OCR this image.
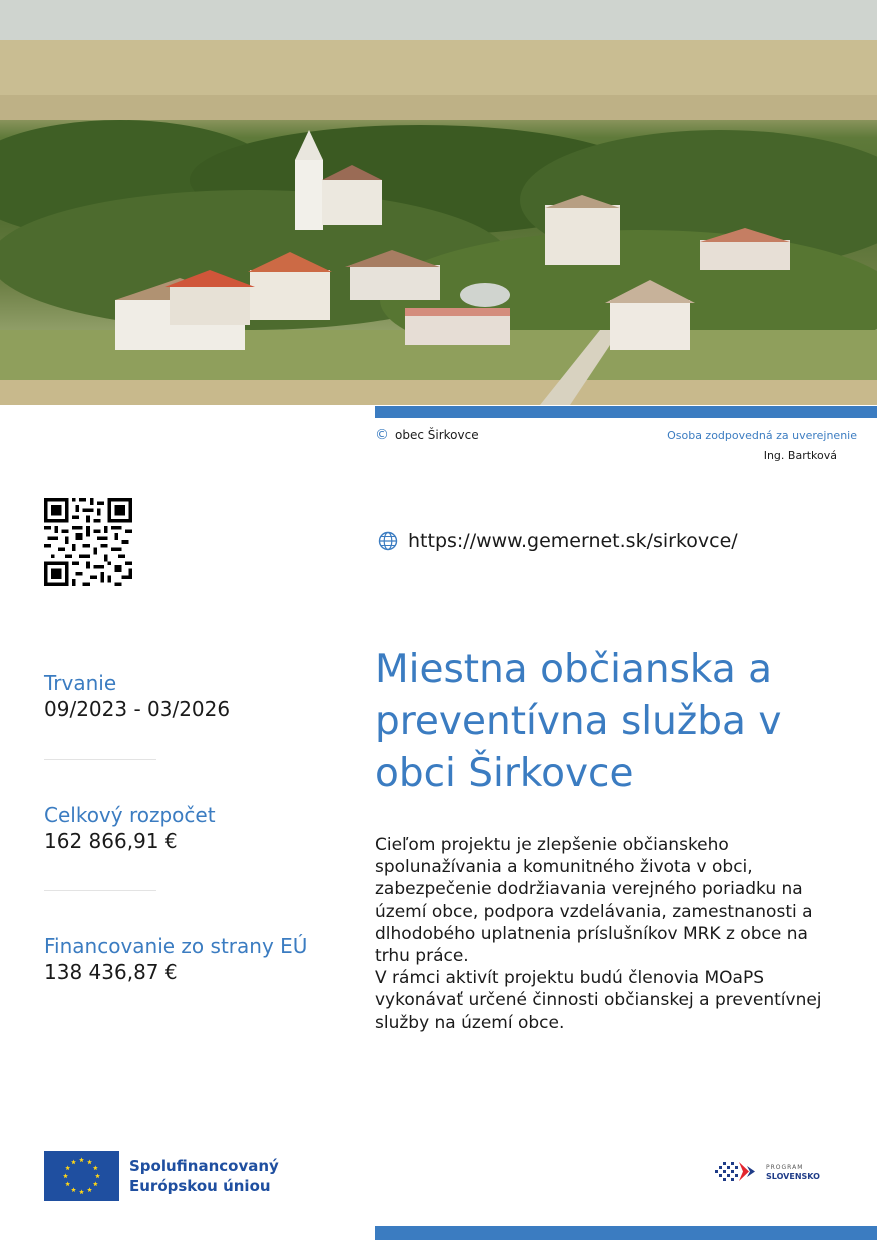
© obec Širkovce	Osoba zodpovedná za uverejnenie
Ing. Bartková
https://www.gemernet.sk/sirkovce/
Trvanie
09/2023 - 03/2026
Celkový rozpočet
162 866,91 €
Financovanie zo strany EÚ
138 436,87 €
Miestna občianska a preventívna služba v obci Širkovce
Cieľom projektu je zlepšenie občianskeho spolunažívania a komunitného života v obci, zabezpečenie dodržiavania verejného poriadku na území obce, podpora vzdelávania, zamestnanosti a dlhodobého uplatnenia príslušníkov MRK z obce na trhu práce.
V rámci aktivít projektu budú členovia MOaPS vykonávať určené činnosti občianskej a preventívnej služby na území obce.
Spolufinancovaný
Európskou úniou
PROGRAM
SLOVENSKO
